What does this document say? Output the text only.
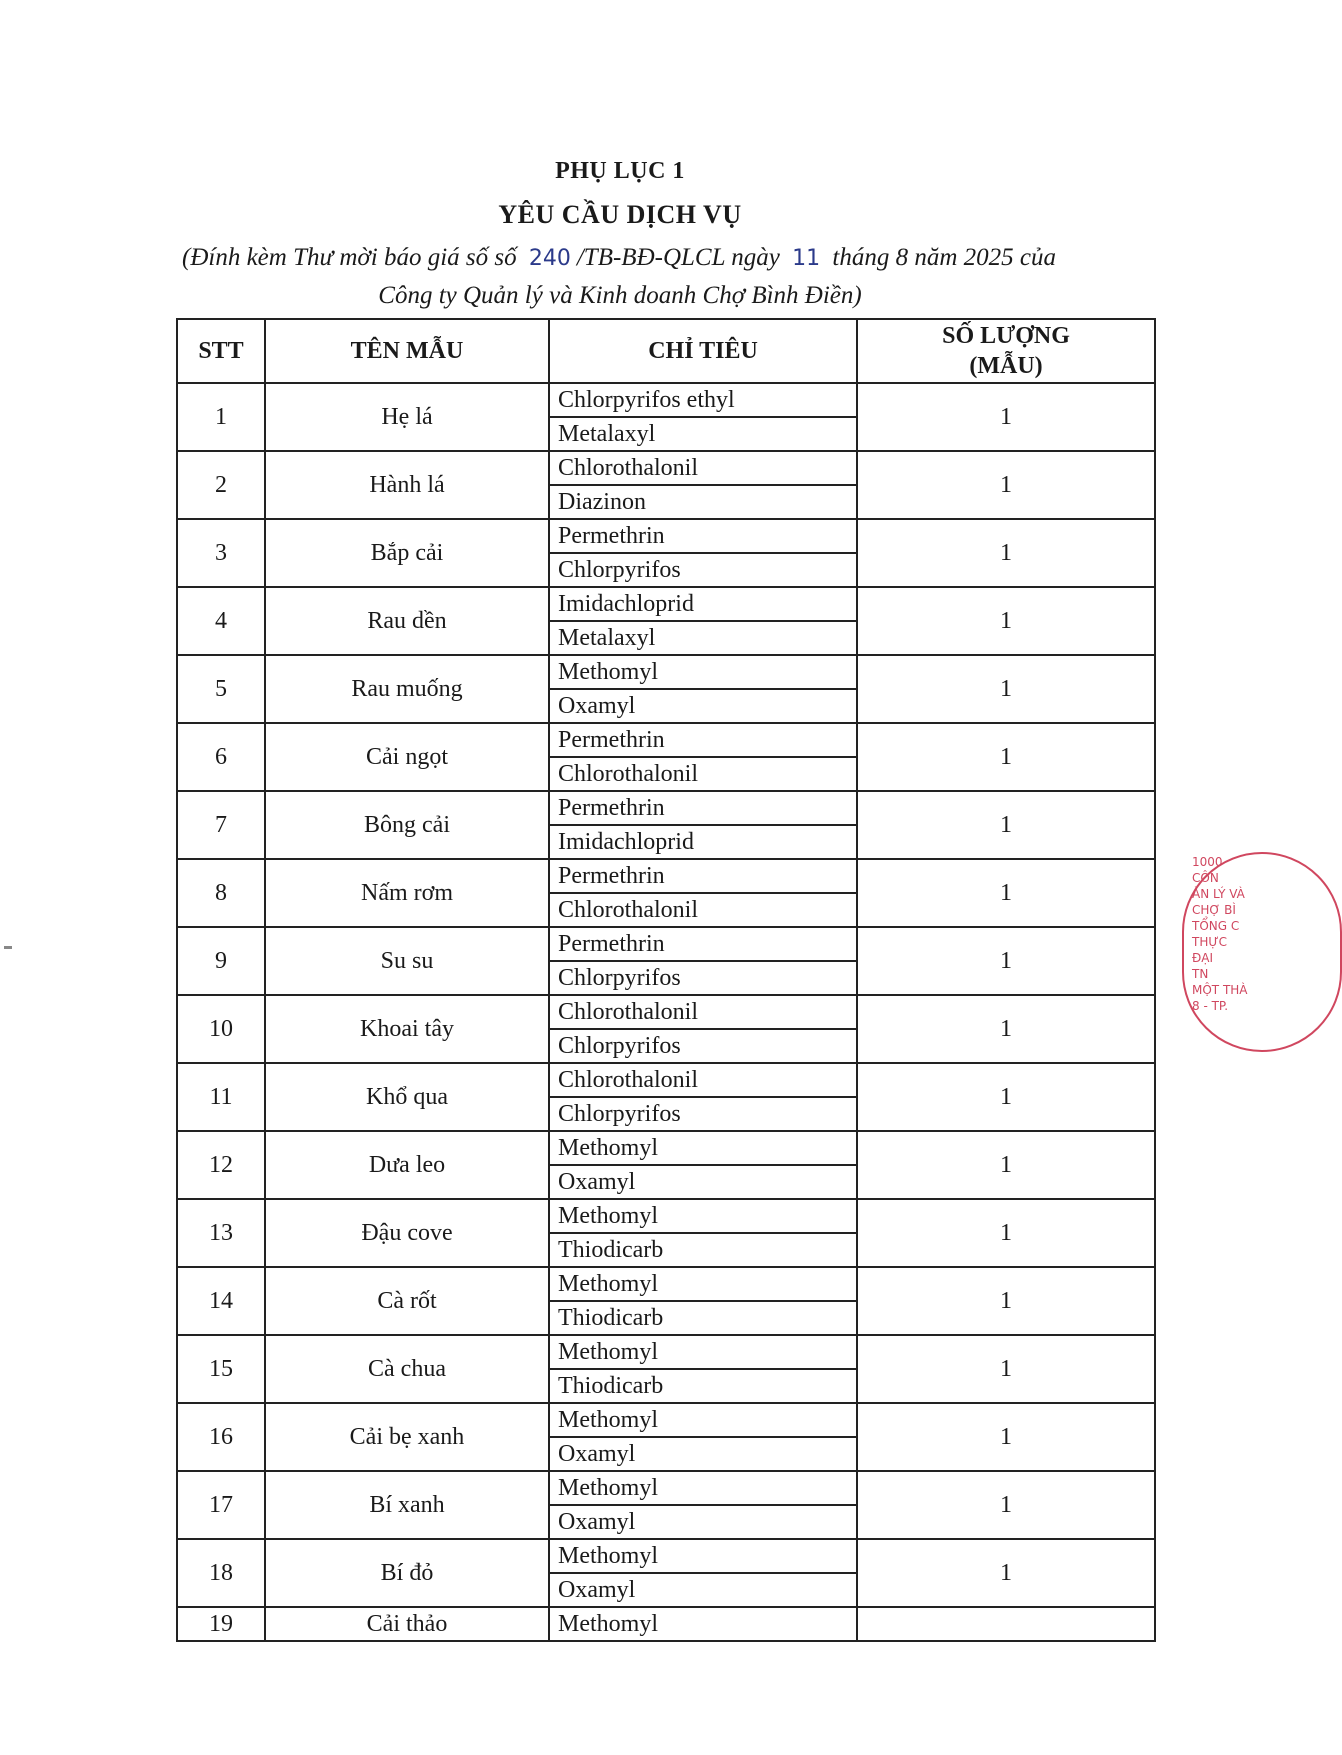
PHỤ LỤC 1
YÊU CẦU DỊCH VỤ
(Đính kèm Thư mời báo giá số số 240 /TB-BĐ-QLCL ngày 11 tháng 8 năm 2025 của
Công ty Quản lý và Kinh doanh Chợ Bình Điền)
STT	TÊN MẪU	CHỈ TIÊU	SỐ LƯỢNG
(MẪU)
1	Hẹ lá	Chlorpyrifos ethyl	1
		Metalaxyl	
2	Hành lá	Chlorothalonil	1
		Diazinon	
3	Bắp cải	Permethrin	1
		Chlorpyrifos	
4	Rau dền	Imidachloprid	1
		Metalaxyl	
5	Rau muống	Methomyl	1
		Oxamyl	
6	Cải ngọt	Permethrin	1
		Chlorothalonil	
7	Bông cải	Permethrin	1
		Imidachloprid	
8	Nấm rơm	Permethrin	1
		Chlorothalonil	
9	Su su	Permethrin	1
		Chlorpyrifos	
10	Khoai tây	Chlorothalonil	1
		Chlorpyrifos	
11	Khổ qua	Chlorothalonil	1
		Chlorpyrifos	
12	Dưa leo	Methomyl	1
		Oxamyl	
13	Đậu cove	Methomyl	1
		Thiodicarb	
14	Cà rốt	Methomyl	1
		Thiodicarb	
15	Cà chua	Methomyl	1
		Thiodicarb	
16	Cải bẹ xanh	Methomyl	1
		Oxamyl	
17	Bí xanh	Methomyl	1
		Oxamyl	
18	Bí đỏ	Methomyl	1
		Oxamyl	
19	Cải thảo	Methomyl	
1000
CÔN
ÀN LÝ VÀ
CHỢ BÌ
TỔNG C
THỰC
ĐẠI
TN
MỘT THÀ
8 - TP.
